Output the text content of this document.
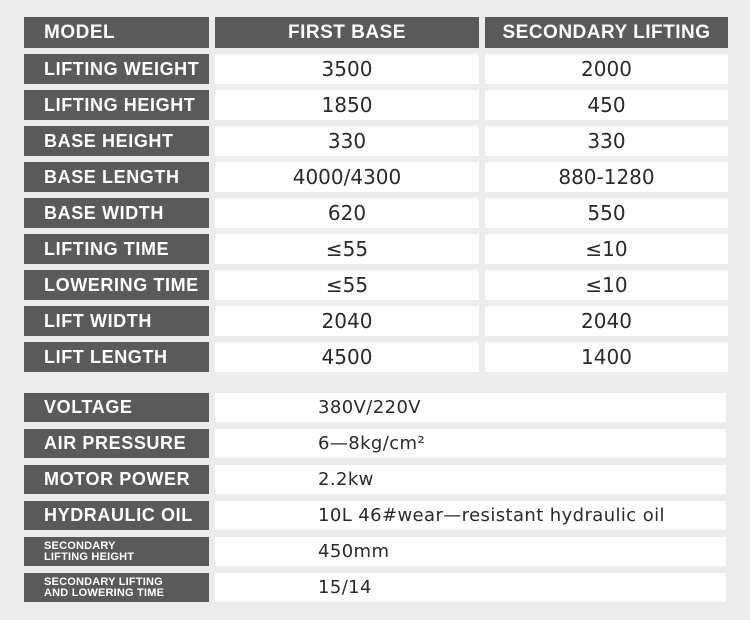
MODEL	FIRST BASE	SECONDARY LIFTING
LIFTING WEIGHT	3500	2000
LIFTING HEIGHT	1850	450
BASE HEIGHT	330	330
BASE LENGTH	4000/4300	880-1280
BASE WIDTH	620	550
LIFTING TIME	≤55	≤10
LOWERING TIME	≤55	≤10
LIFT WIDTH	2040	2040
LIFT LENGTH	4500	1400
VOLTAGE	380V/220V
AIR PRESSURE	6—8kg/cm²
MOTOR POWER	2.2kw
HYDRAULIC OIL	10L 46#wear—resistant hydraulic oil
SECONDARY
LIFTING HEIGHT	450mm
SECONDARY LIFTING
AND LOWERING TIME	15/14
